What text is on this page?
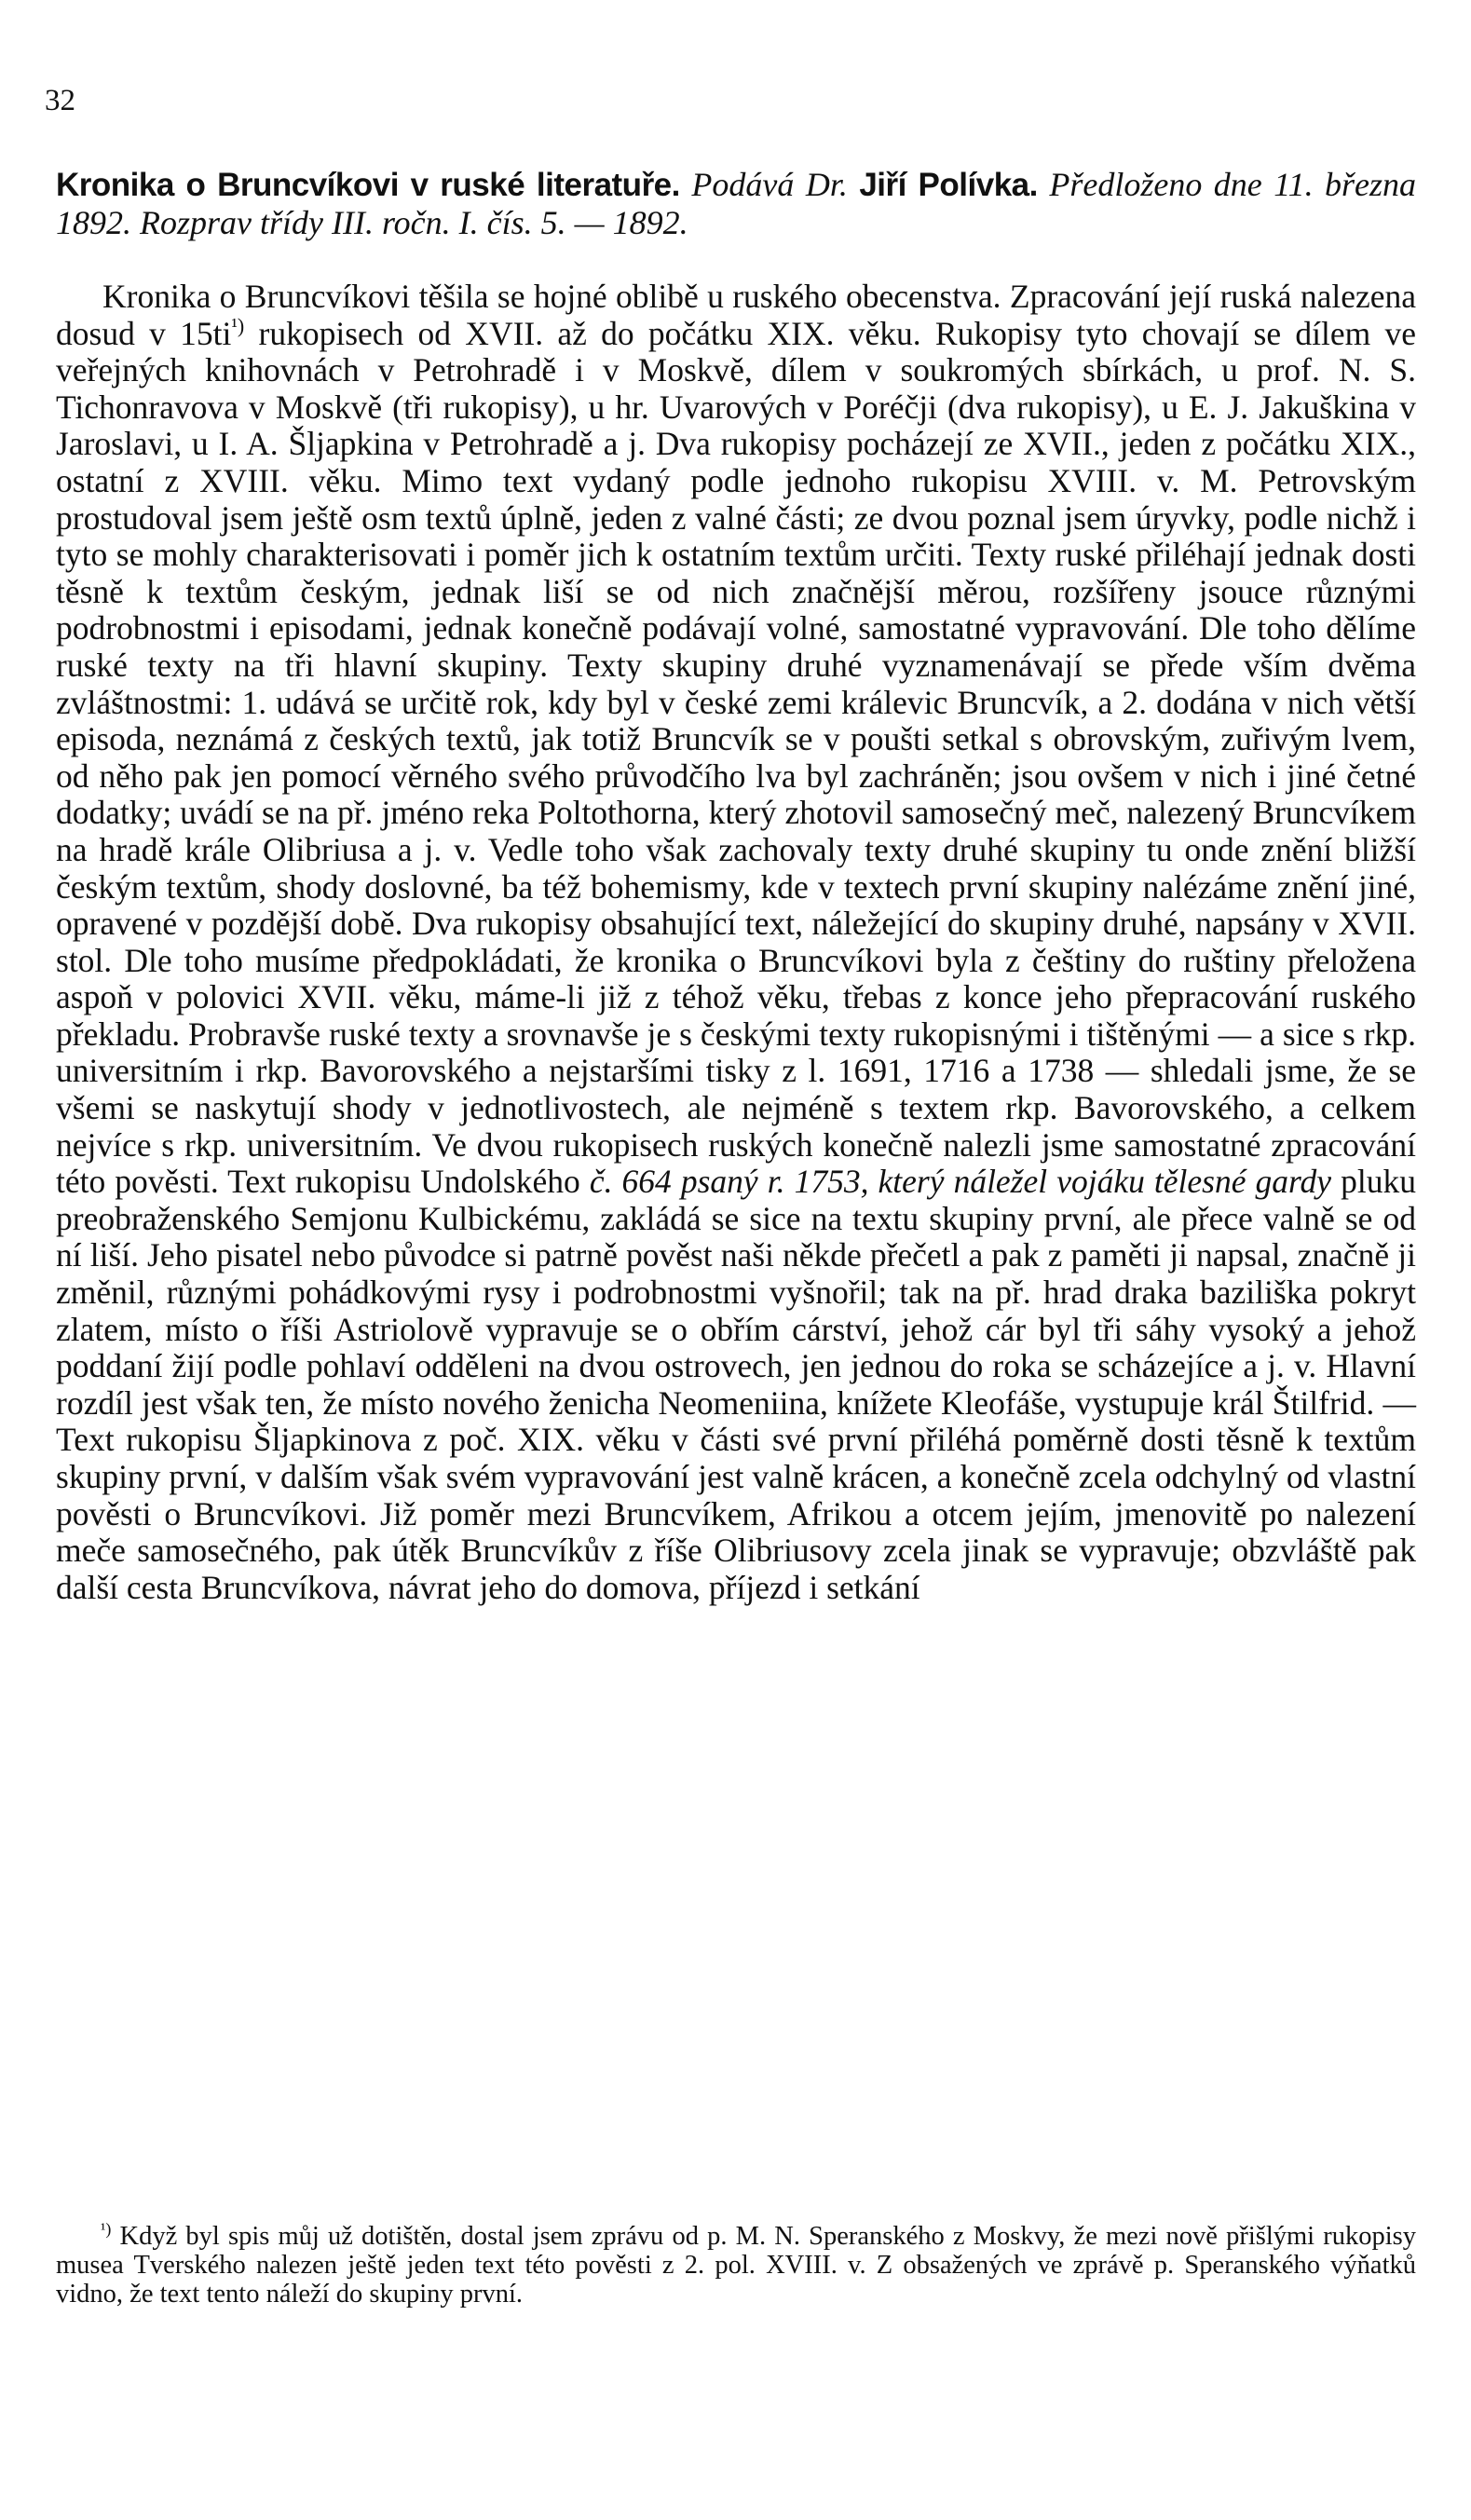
32

Kronika o Bruncvíkovi v ruské literatuře. Podává Dr. Jiří Polívka. Předloženo dne 11. března 1892. Rozprav třídy III. ročn. I. čís. 5. — 1892.

Kronika o Bruncvíkovi těšila se hojné oblibě u ruského obecenstva. Zpracování její ruská nalezena dosud v 15ti$^{^1)}$ rukopisech od XVII. až do počátku XIX. věku. Rukopisy tyto chovají se dílem ve veřejných knihovnách v Petrohradě i v Moskvě, dílem v soukromých sbírkách, u prof. N. S. Tichonravova v Moskvě (tři rukopisy), u hr. Uvarových v Poréčji (dva rukopisy), u E. J. Jakuškina v Jaroslavi, u I. A. Šljapkina v Petrohradě a j. Dva rukopisy pocházejí ze XVII., jeden z počátku XIX., ostatní z XVIII. věku. Mimo text vydaný podle jednoho rukopisu XVIII. v. M. Petrovským prostudoval jsem ještě osm textů úplně, jeden z valné části; ze dvou poznal jsem úryvky, podle nichž i tyto se mohly charakterisovati i poměr jich k ostatním textům určiti. Texty ruské přiléhají jednak dosti těsně k textům českým, jednak liší se od nich značnější měrou, rozšířeny jsouce různými podrobnostmi i episodami, jednak konečně podávají volné, samostatné vypravování. Dle toho dělíme ruské texty na tři hlavní skupiny. Texty skupiny druhé vyznamenávají se přede vším dvěma zvláštnostmi: 1. udává se určitě rok, kdy byl v české zemi králevic Bruncvík, a 2. dodána v nich větší episoda, neznámá z českých textů, jak totiž Bruncvík se v poušti setkal s obrovským, zuřivým lvem, od něho pak jen pomocí věrného svého průvodčího lva byl zachráněn; jsou ovšem v nich i jiné četné dodatky; uvádí se na př. jméno reka Poltothorna, který zhotovil samosečný meč, nalezený Bruncvíkem na hradě krále Olibriusa a j. v. Vedle toho však zachovaly texty druhé skupiny tu onde znění bližší českým textům, shody doslovné, ba též bohemismy, kde v textech první skupiny nalézáme znění jiné, opravené v pozdější době. Dva rukopisy obsahující text, náležející do skupiny druhé, napsány v XVII. stol. Dle toho musíme předpokládati, že kronika o Bruncvíkovi byla z češtiny do ruštiny přeložena aspoň v polovici XVII. věku, máme-li již z téhož věku, třebas z konce jeho přepracování ruského překladu. Probravše ruské texty a srovnavše je s českými texty rukopisnými i tištěnými — a sice s rkp. universitním i rkp. Bavorovského a nejstaršími tisky z l. 1691, 1716 a 1738 — shledali jsme, že se všemi se naskytují shody v jednotlivostech, ale nejméně s textem rkp. Bavorovského, a celkem nejvíce s rkp. universitním. Ve dvou rukopisech ruských konečně nalezli jsme samostatné zpracování této pověsti. Text rukopisu Undolského č. 664 psaný r. 1753, který náležel vojáku tělesné gardy pluku preobraženského Semjonu Kulbickému, zakládá se sice na textu skupiny první, ale přece valně se od ní liší. Jeho pisatel nebo původce si patrně pověst naši někde přečetl a pak z paměti ji napsal, značně ji změnil, různými pohádkovými rysy i podrobnostmi vyšnořil; tak na př. hrad draka baziliška pokryt zlatem, místo o říši Astriolově vypravuje se o obřím cárství, jehož cár byl tři sáhy vysoký a jehož poddaní žijí podle pohlaví odděleni na dvou ostrovech, jen jednou do roka se scházejíce a j. v. Hlavní rozdíl jest však ten, že místo nového ženicha Neomeniina, knížete Kleofáše, vystupuje král Štilfrid. — Text rukopisu Šljapkinova z poč. XIX. věku v části své první přiléhá poměrně dosti těsně k textům skupiny první, v dalším však svém vypravování jest valně krácen, a konečně zcela odchylný od vlastní pověsti o Bruncvíkovi. Již poměr mezi Bruncvíkem, Afrikou a otcem jejím, jmenovitě po nalezení meče samosečného, pak útěk Bruncvíkův z říše Olibriusovy zcela jinak se vypravuje; obzvláště pak další cesta Bruncvíkova, návrat jeho do domova, příjezd i setkání

$^{^1)}$ Když byl spis můj už dotištěn, dostal jsem zprávu od p. M. N. Speranského z Moskvy, že mezi nově přišlými rukopisy musea Tverského nalezen ještě jeden text této pověsti z 2. pol. XVIII. v. Z obsažených ve zprávě p. Speranského výňatků vidno, že text tento náleží do skupiny první.
